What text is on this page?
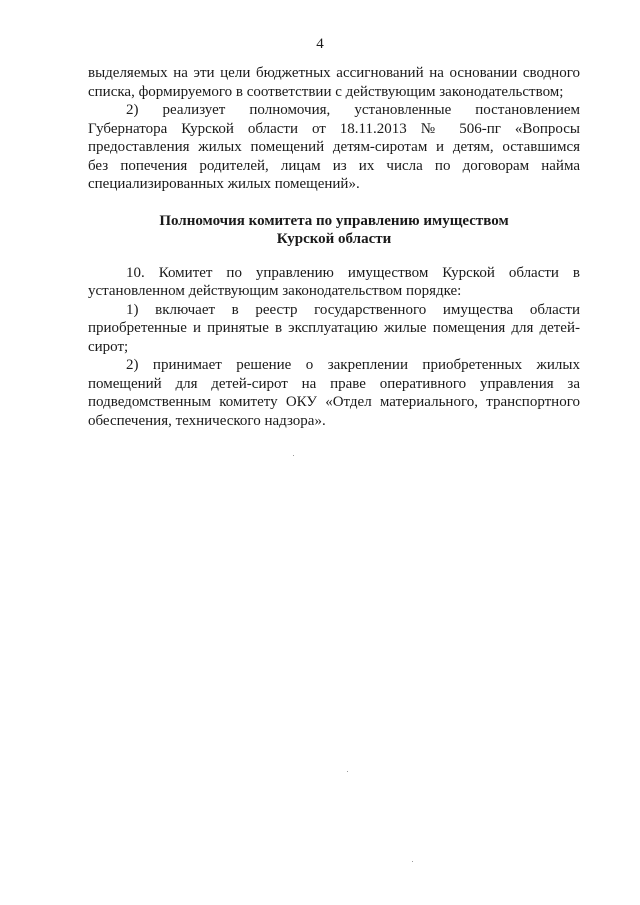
4
выделяемых на эти цели бюджетных ассигнований на основании сводного
списка, формируемого в соответствии с действующим законодательством;
2) реализует полномочия, установленные постановлением
Губернатора Курской области от 18.11.2013 № 506-пг «Вопросы
предоставления жилых помещений детям-сиротам и детям, оставшимся
без попечения родителей, лицам из их числа по договорам найма
специализированных жилых помещений».
Полномочия комитета по управлению имуществом
Курской области
10. Комитет по управлению имуществом Курской области в
установленном действующим законодательством порядке:
1) включает в реестр государственного имущества области
приобретенные и принятые в эксплуатацию жилые помещения для детей-
сирот;
2) принимает решение о закреплении приобретенных жилых
помещений для детей-сирот на праве оперативного управления за
подведомственным комитету ОКУ «Отдел материального, транспортного
обеспечения, технического надзора».
